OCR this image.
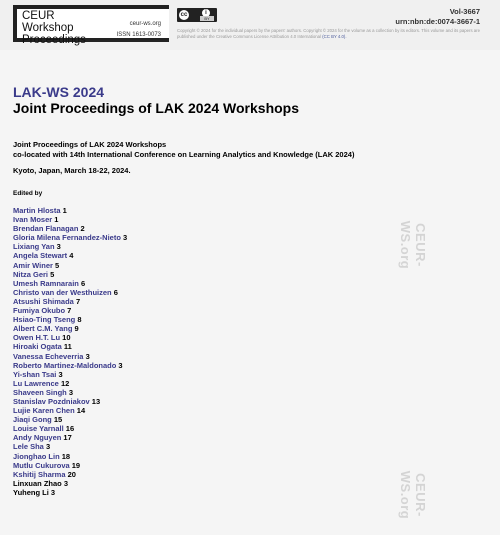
CEUR
Workshop
Proceedings
ceur-ws.org
ISSN 1613-0073
cc	i
BY
Copyright © 2024 for the individual papers by the papers' authors. Copyright © 2024 for the volume as a collection by its editors. This volume and its papers are published under the Creative Commons License Attribution 4.0 International (CC BY 4.0).
Vol-3667
urn:nbn:de:0074-3667-1
LAK-WS 2024
Joint Proceedings of LAK 2024 Workshops
Joint Proceedings of LAK 2024 Workshops
co-located with 14th International Conference on Learning Analytics and Knowledge (LAK 2024)
Kyoto, Japan, March 18-22, 2024.
Edited by
Martin Hlosta 1
Ivan Moser 1
Brendan Flanagan 2
Gloria Milena Fernandez-Nieto 3
Lixiang Yan 3
Angela Stewart 4
Amir Winer 5
Nitza Geri 5
Umesh Ramnarain 6
Christo van der Westhuizen 6
Atsushi Shimada 7
Fumiya Okubo 7
Hsiao-Ting Tseng 8
Albert C.M. Yang 9
Owen H.T. Lu 10
Hiroaki Ogata 11
Vanessa Echeverria 3
Roberto Martinez-Maldonado 3
Yi-shan Tsai 3
Lu Lawrence 12
Shaveen Singh 3
Stanislav Pozdniakov 13
Lujie Karen Chen 14
Jiaqi Gong 15
Louise Yarnall 16
Andy Nguyen 17
Lele Sha 3
Jionghao Lin 18
Mutlu Cukurova 19
Kshitij Sharma 20
Linxuan Zhao 3
Yuheng Li 3
CEUR-WS.org
CEUR-WS.org
